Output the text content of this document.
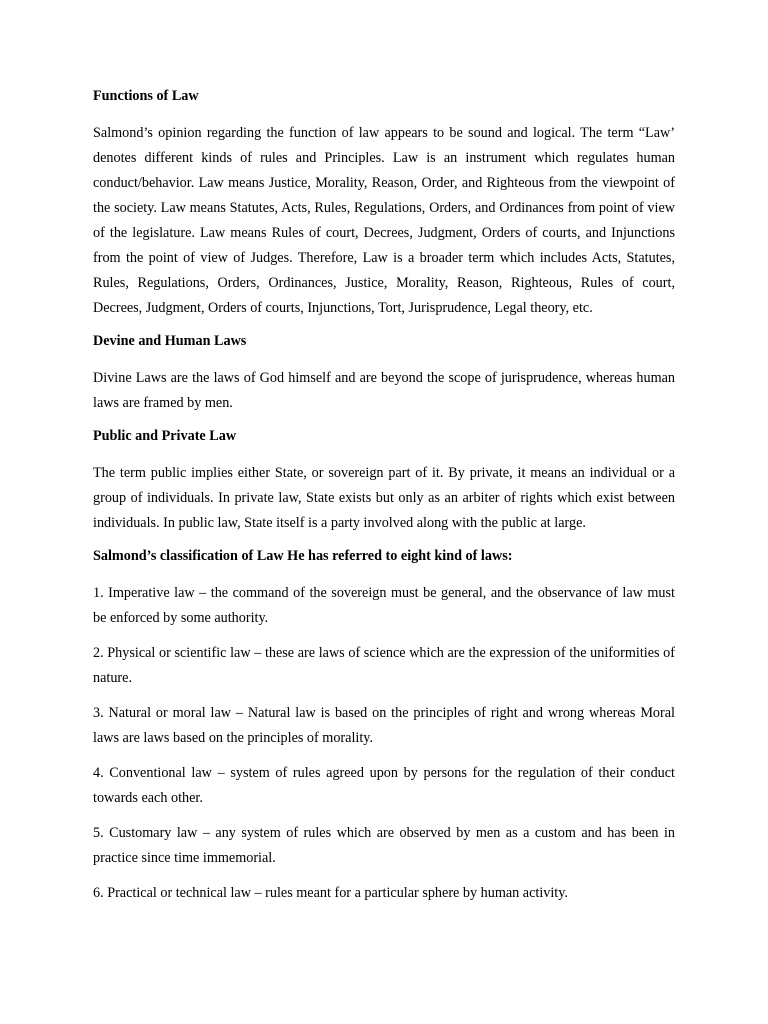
Functions of Law

Salmond’s opinion regarding the function of law appears to be sound and logical. The term “Law’ denotes different kinds of rules and Principles. Law is an instrument which regulates human conduct/behavior. Law means Justice, Morality, Reason, Order, and Righteous from the viewpoint of the society. Law means Statutes, Acts, Rules, Regulations, Orders, and Ordinances from point of view of the legislature. Law means Rules of court, Decrees, Judgment, Orders of courts, and Injunctions from the point of view of Judges. Therefore, Law is a broader term which includes Acts, Statutes, Rules, Regulations, Orders, Ordinances, Justice, Morality, Reason, Righteous, Rules of court, Decrees, Judgment, Orders of courts, Injunctions, Tort, Jurisprudence, Legal theory, etc.

Devine and Human Laws

Divine Laws are the laws of God himself and are beyond the scope of jurisprudence, whereas human laws are framed by men.

Public and Private Law

The term public implies either State, or sovereign part of it. By private, it means an individual or a group of individuals. In private law, State exists but only as an arbiter of rights which exist between individuals. In public law, State itself is a party involved along with the public at large.

Salmond’s classification of Law He has referred to eight kind of laws:

1. Imperative law – the command of the sovereign must be general, and the observance of law must be enforced by some authority.

2. Physical or scientific law – these are laws of science which are the expression of the uniformities of nature.

3. Natural or moral law – Natural law is based on the principles of right and wrong whereas Moral laws are laws based on the principles of morality.

4. Conventional law – system of rules agreed upon by persons for the regulation of their conduct towards each other.

5. Customary law – any system of rules which are observed by men as a custom and has been in practice since time immemorial.

6. Practical or technical law – rules meant for a particular sphere by human activity.
